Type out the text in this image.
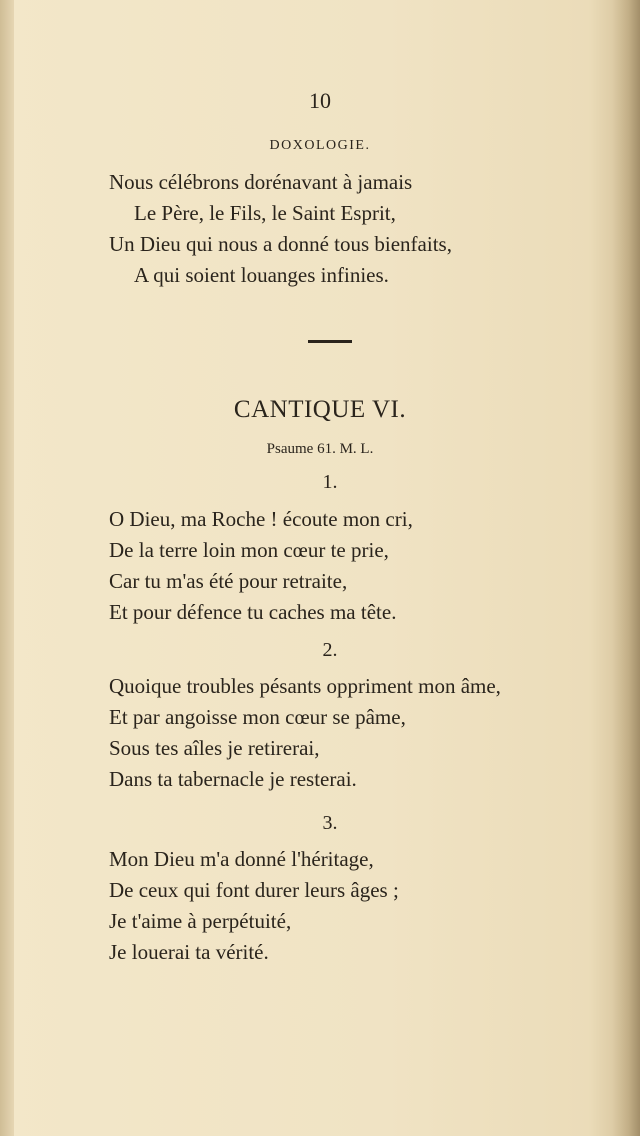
10
DOXOLOGIE.
Nous célébrons dorénavant à jamais
Le Père, le Fils, le Saint Esprit,
Un Dieu qui nous a donné tous bienfaits,
A qui soient louanges infinies.
CANTIQUE VI.
Psaume 61. M. L.
1.
O Dieu, ma Roche ! écoute mon cri,
De la terre loin mon cœur te prie,
Car tu m'as été pour retraite,
Et pour défence tu caches ma tête.
2.
Quoique troubles pésants oppriment mon âme,
Et par angoisse mon cœur se pâme,
Sous tes aîles je retirerai,
Dans ta tabernacle je resterai.
3.
Mon Dieu m'a donné l'héritage,
De ceux qui font durer leurs âges ;
Je t'aime à perpétuité,
Je louerai ta vérité.
